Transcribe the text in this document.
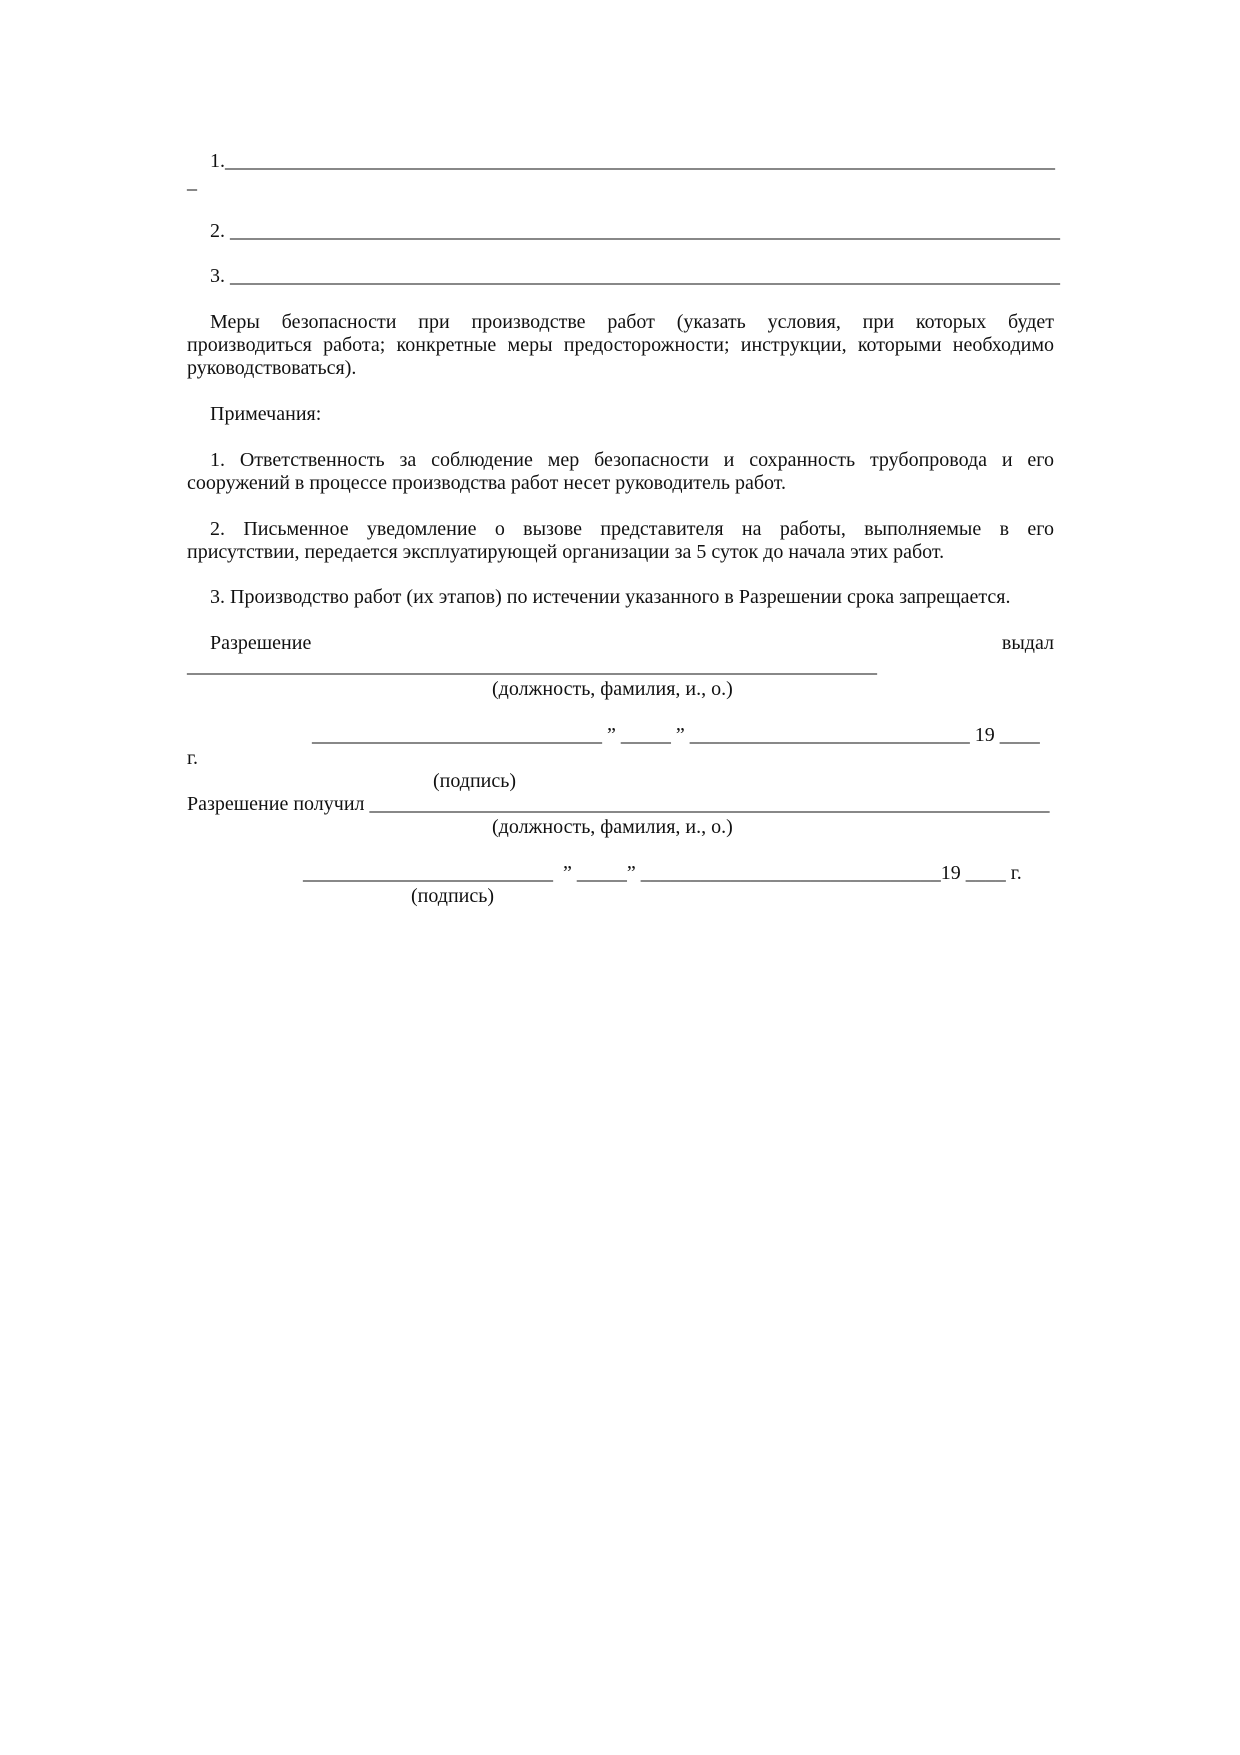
1.___________________________________________________________________________________
_
2. ___________________________________________________________________________________
3. ___________________________________________________________________________________
Меры безопасности при производстве работ (указать условия, при которых будет
производиться работа; конкретные меры предосторожности; инструкции, которыми необходимо
руководствоваться).
Примечания:
1. Ответственность за соблюдение мер безопасности и сохранность трубопровода и его
сооружений в процессе производства работ несет руководитель работ.
2. Письменное уведомление о вызове представителя на работы, выполняемые в его
присутствии, передается эксплуатирующей организации за 5 суток до начала этих работ.
3. Производство работ (их этапов) по истечении указанного в Разрешении срока запрещается.
Разрешение	выдал
_____________________________________________________________________
(должность, фамилия, и., о.)
_____________________________ ” _____ ” ____________________________ 19 ____
г.
(подпись)
Разрешение получил ____________________________________________________________________
(должность, фамилия, и., о.)
_________________________  ” _____” ______________________________19 ____ г.
(подпись)
